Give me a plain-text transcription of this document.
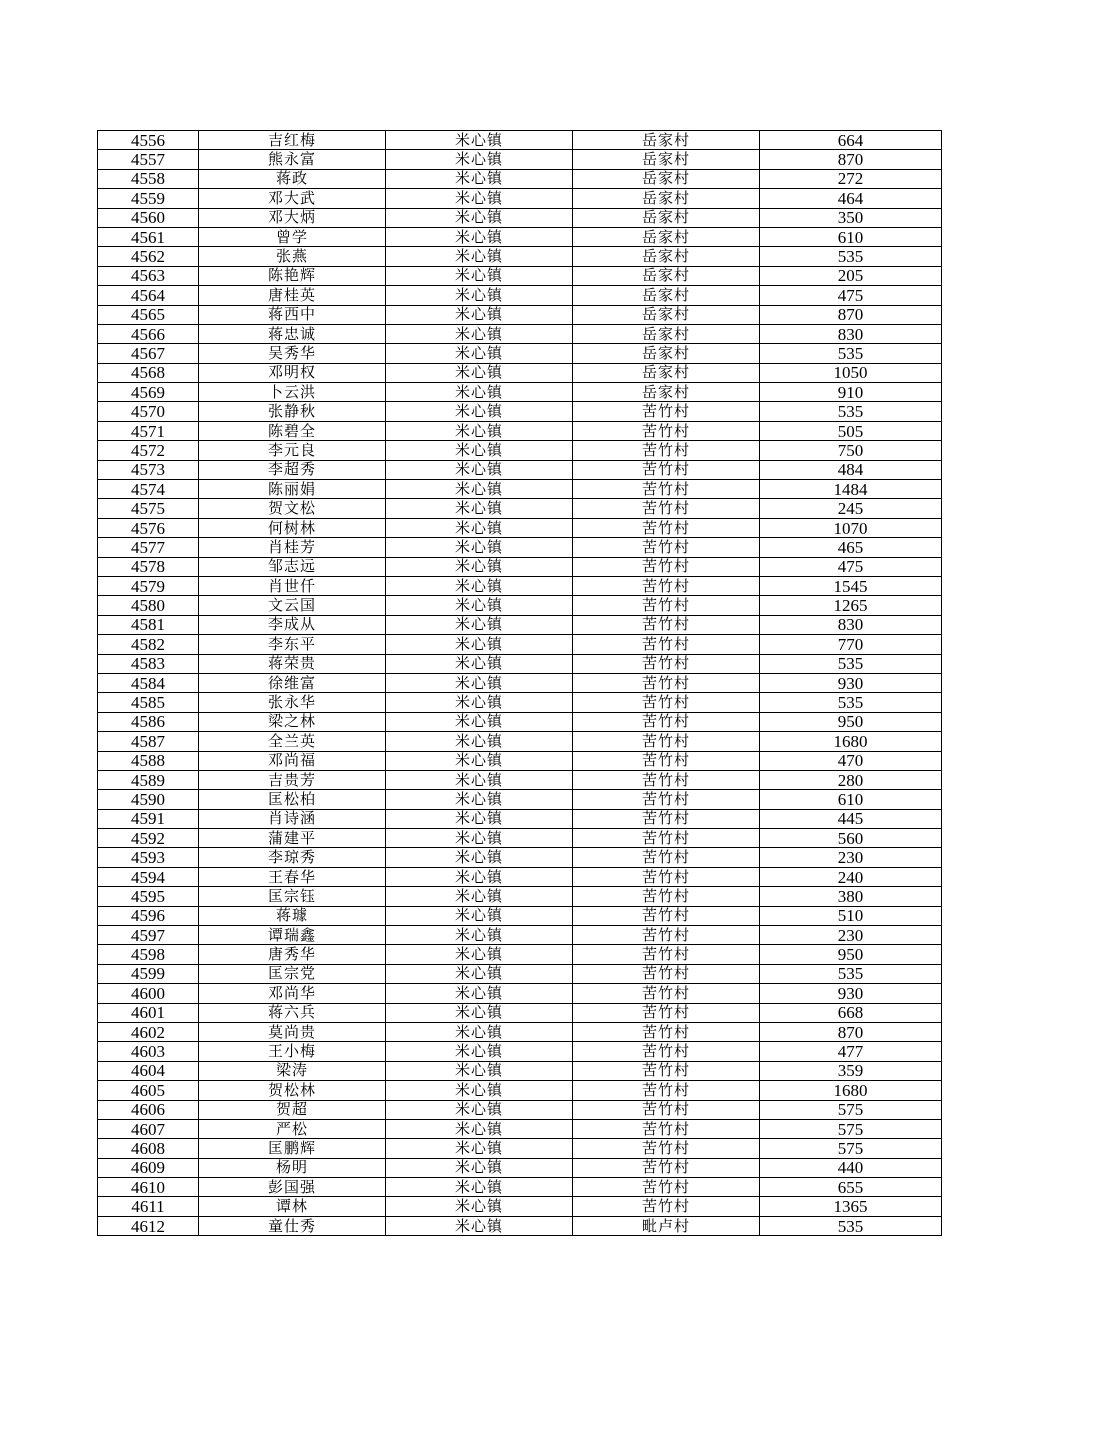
4556	吉红梅	米心镇	岳家村	664
4557	熊永富	米心镇	岳家村	870
4558	蒋政	米心镇	岳家村	272
4559	邓大武	米心镇	岳家村	464
4560	邓大炳	米心镇	岳家村	350
4561	曾学	米心镇	岳家村	610
4562	张燕	米心镇	岳家村	535
4563	陈艳辉	米心镇	岳家村	205
4564	唐桂英	米心镇	岳家村	475
4565	蒋西中	米心镇	岳家村	870
4566	蒋忠诚	米心镇	岳家村	830
4567	吴秀华	米心镇	岳家村	535
4568	邓明权	米心镇	岳家村	1050
4569	卜云洪	米心镇	岳家村	910
4570	张静秋	米心镇	苦竹村	535
4571	陈碧全	米心镇	苦竹村	505
4572	李元良	米心镇	苦竹村	750
4573	李超秀	米心镇	苦竹村	484
4574	陈丽娟	米心镇	苦竹村	1484
4575	贺文松	米心镇	苦竹村	245
4576	何树林	米心镇	苦竹村	1070
4577	肖桂芳	米心镇	苦竹村	465
4578	邹志远	米心镇	苦竹村	475
4579	肖世仟	米心镇	苦竹村	1545
4580	文云国	米心镇	苦竹村	1265
4581	李成从	米心镇	苦竹村	830
4582	李东平	米心镇	苦竹村	770
4583	蒋荣贵	米心镇	苦竹村	535
4584	徐维富	米心镇	苦竹村	930
4585	张永华	米心镇	苦竹村	535
4586	梁之林	米心镇	苦竹村	950
4587	全兰英	米心镇	苦竹村	1680
4588	邓尚福	米心镇	苦竹村	470
4589	吉贵芳	米心镇	苦竹村	280
4590	匡松柏	米心镇	苦竹村	610
4591	肖诗涵	米心镇	苦竹村	445
4592	蒲建平	米心镇	苦竹村	560
4593	李琼秀	米心镇	苦竹村	230
4594	王春华	米心镇	苦竹村	240
4595	匡宗钰	米心镇	苦竹村	380
4596	蒋璩	米心镇	苦竹村	510
4597	谭瑞鑫	米心镇	苦竹村	230
4598	唐秀华	米心镇	苦竹村	950
4599	匡宗党	米心镇	苦竹村	535
4600	邓尚华	米心镇	苦竹村	930
4601	蒋六兵	米心镇	苦竹村	668
4602	莫尚贵	米心镇	苦竹村	870
4603	王小梅	米心镇	苦竹村	477
4604	梁涛	米心镇	苦竹村	359
4605	贺松林	米心镇	苦竹村	1680
4606	贺超	米心镇	苦竹村	575
4607	严松	米心镇	苦竹村	575
4608	匡鹏辉	米心镇	苦竹村	575
4609	杨明	米心镇	苦竹村	440
4610	彭国强	米心镇	苦竹村	655
4611	谭林	米心镇	苦竹村	1365
4612	童仕秀	米心镇	毗卢村	535
